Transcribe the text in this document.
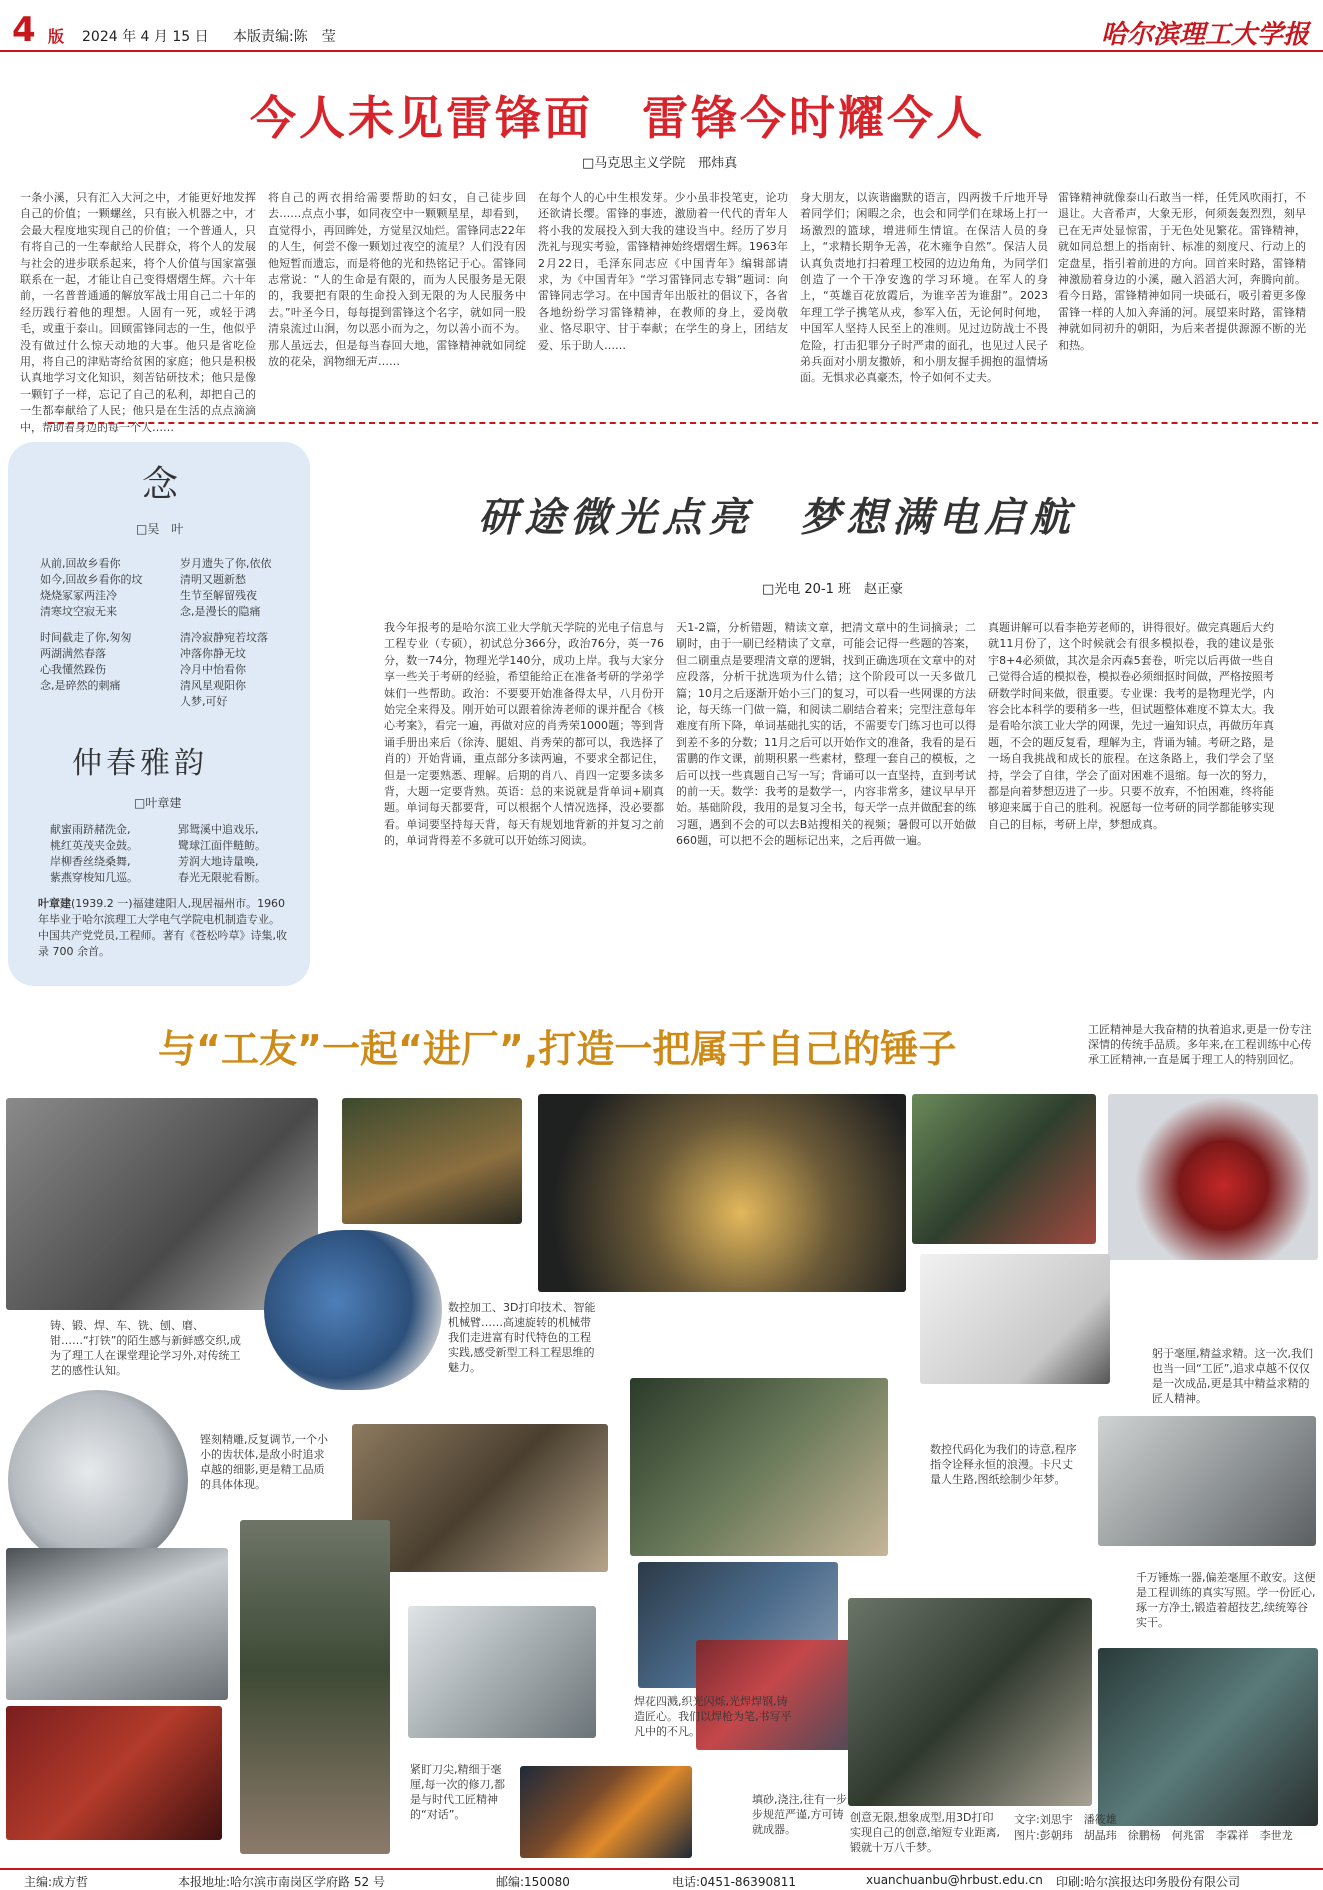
4 版 2024 年 4 月 15 日 本版责编:陈　莹	哈尔滨理工大学报
今人未见雷锋面　雷锋今时耀今人
□马克思主义学院　邢炜真
一条小溪，只有汇入大河之中，才能更好地发挥自己的价值；一颗螺丝，只有嵌入机器之中，才会最大程度地实现自己的价值；一个普通人，只有将自己的一生奉献给人民群众，将个人的发展与社会的进步联系起来，将个人价值与国家富强联系在一起，才能让自己变得熠熠生辉。六十年前，一名普普通通的解放军战士用自己二十年的经历践行着他的理想。人固有一死，或轻于鸿毛，或重于泰山。回顾雷锋同志的一生，他似乎没有做过什么惊天动地的大事。他只是省吃俭用，将自己的津贴寄给贫困的家庭；他只是积极认真地学习文化知识，刻苦钻研技术；他只是像一颗钉子一样，忘记了自己的私利，却把自己的一生都奉献给了人民；他只是在生活的点点滴滴中，帮助着身边的每一个人……
将自己的两衣捐给需要帮助的妇女，自己徒步回去……点点小事，如同夜空中一颗颗星星，却看到，直觉得小，再回眸处，方觉星汉灿烂。雷锋同志22年的人生，何尝不像一颗划过夜空的流星？人们没有因他短暂而遗忘，而是将他的光和热铭记于心。雷锋同志常说：“人的生命是有限的，而为人民服务是无限的，我要把有限的生命投入到无限的为人民服务中去。”叶圣今日，每每提到雷锋这个名字，就如同一股清泉流过山涧，勿以恶小而为之，勿以善小而不为。那人虽远去，但是每当春回大地，雷锋精神就如同绽放的花朵，润物细无声……
在每个人的心中生根发芽。少小虽非投笔吏，论功还欲请长缨。雷锋的事迹，激励着一代代的青年人将小我的发展投入到大我的建设当中。经历了岁月洗礼与现实考验，雷锋精神始终熠熠生辉。1963年2月22日，毛泽东同志应《中国青年》编辑部请求，为《中国青年》“学习雷锋同志专辑”题词：向雷锋同志学习。在中国青年出版社的倡议下，各省各地纷纷学习雷锋精神，在教师的身上，爱岗敬业、恪尽职守、甘于奉献；在学生的身上，团结友爱、乐于助人……
身大朋友，以诙谐幽默的语言，四两拨千斤地开导着同学们；闲暇之余，也会和同学们在球场上打一场激烈的篮球，增进师生情谊。在保洁人员的身上，“求精长期争无善，花木雍争自然”。保洁人员认真负责地打扫着理工校园的边边角角，为同学们创造了一个干净安逸的学习环境。在军人的身上，“英雄百花放霞后，为谁辛苦为谁甜”。2023年理工学子携笔从戎，参军入伍，无论何时何地，中国军人坚持人民至上的准则。见过边防战士不畏危险，打击犯罪分子时严肃的面孔，也见过人民子弟兵面对小朋友撒娇，和小朋友握手拥抱的温情场面。无惧求必真豪杰，怜子如何不丈夫。
雷锋精神就像泰山石敢当一样，任凭风吹雨打，不退让。大音希声，大象无形，何须轰轰烈烈，刻早已在无声处显惊雷，于无色处见繁花。雷锋精神，就如同总想上的指南针、标准的刻度尺、行动上的定盘星，指引着前进的方向。回首来时路，雷锋精神激励着身边的小溪，融入滔滔大河，奔腾向前。看今日路，雷锋精神如同一块砥石，吸引着更多像雷锋一样的人加入奔涌的河。展望来时路，雷锋精神就如同初升的朝阳，为后来者提供源源不断的光和热。
念
□吴　叶
从前,回故乡看你
如今,回故乡看你的坟
烧烧冢冢两洼冷
清寒坟空寂无来
时间截走了你,匆匆
两湖满然春落
心我懂然跺伤
念,是碎然的刺痛
岁月遗失了你,依依
清明又题新愁
生节至解留残夜
念,是漫长的隐痛
清冷寂静宛若坟落
冲落你静无坟
冷月中怡看你
清风星观阳你
人梦,可好
仲春雅韵
□叶章建
献蜜雨跻赭洗金,
桃红英茂夹金鼓。
岸柳香丝绕桑舞,
紫燕穿梭知几巡。
郢鸳溪中追戏乐,
鹭球江面伴鲢鲂。
芳润大地诗量唤,
春光无限驼看断。
叶章建(1939.2 一)福建建阳人,现居福州市。1960 年毕业于哈尔滨理工大学电气学院电机制造专业。中国共产党党员,工程师。著有《苍松吟草》诗集,收录 700 余首。
研途微光点亮　梦想满电启航
□光电 20-1 班　赵正豪
我今年报考的是哈尔滨工业大学航天学院的光电子信息与工程专业（专硕），初试总分366分，政治76分，英一76分，数一74分，物理光学140分，成功上岸。我与大家分享一些关于考研的经验，希望能给正在准备考研的学弟学妹们一些帮助。政治：不要要开始准备得太早，八月份开始完全来得及。刚开始可以跟着徐涛老师的课并配合《核心考案》，看完一遍，再做对应的肖秀荣1000题；等到背诵手册出来后（徐涛、腿姐、肖秀荣的都可以，我选择了肖的）开始背诵，重点部分多读两遍，不要求全都记住，但是一定要熟悉、理解。后期的肖八、肖四一定要多读多背，大题一定要背熟。英语：总的来说就是背单词+刷真题。单词每天都要背，可以根据个人情况选择，没必要都看。单词要坚持每天背，每天有规划地背新的并复习之前的，单词背得差不多就可以开始练习阅读。
天1-2篇，分析错题，精读文章，把清文章中的生词摘录；二刷时，由于一刷已经精读了文章，可能会记得一些题的答案，但二刷重点是要理清文章的逻辑，找到正确选项在文章中的对应段落，分析干扰选项为什么错；这个阶段可以一天多做几篇；10月之后逐渐开始小三门的复习，可以看一些网课的方法论，每天练一门做一篇，和阅读二刷结合着来；完型注意每年难度有所下降，单词基础扎实的话，不需要专门练习也可以得到差不多的分数；11月之后可以开始作文的准备，我看的是石雷鹏的作文课，前期积累一些素材，整理一套自己的模板，之后可以找一些真题自己写一写；背诵可以一直坚持，直到考试的前一天。数学：我考的是数学一，内容非常多，建议早早开始。基础阶段，我用的是复习全书，每天学一点并做配套的练习题，遇到不会的可以去B站搜相关的视频；暑假可以开始做660题，可以把不会的题标记出来，之后再做一遍。
真题讲解可以看李艳芳老师的，讲得很好。做完真题后大约就11月份了，这个时候就会有很多模拟卷，我的建议是张宇8+4必须做，其次是余丙森5套卷，听完以后再做一些自己觉得合适的模拟卷，模拟卷必须细抠时间做，严格按照考研数学时间来做，很重要。专业课：我考的是物理光学，内容会比本科学的要稍多一些，但试题整体难度不算太大。我是看哈尔滨工业大学的网课，先过一遍知识点，再做历年真题，不会的题反复看，理解为主，背诵为辅。考研之路，是一场自我挑战和成长的旅程。在这条路上，我们学会了坚持，学会了自律，学会了面对困难不退缩。每一次的努力，都是向着梦想迈进了一步。只要不放弃，不怕困难，终将能够迎来属于自己的胜利。祝愿每一位考研的同学都能够实现自己的目标，考研上岸，梦想成真。
与“工友”一起“进厂”,打造一把属于自己的锤子	工匠精神是大我奋精的执着追求,更是一份专注深情的传统手品质。多年来,在工程训练中心传承工匠精神,一直是属于理工人的特别回忆。
铸、锻、焊、车、铣、刨、磨、钳……“打铁”的陌生感与新鲜感交织,成为了理工人在课堂理论学习外,对传统工艺的感性认知。
数控加工、3D打印技术、智能机械臂……高速旋转的机械带我们走进富有时代特色的工程实践,感受新型工科工程思维的魅力。
躬于毫厘,精益求精。这一次,我们也当一回“工匠”,追求卓越不仅仅是一次成品,更是其中精益求精的匠人精神。
铿刻精雕,反复调节,一个小小的齿状体,是敌小时追求卓越的细影,更是精工品质的具体体现。
数控代码化为我们的诗意,程序指令诠释永恒的浪漫。卡尺丈量人生路,图纸绘制少年梦。
千万锤炼一器,偏差毫厘不敢安。这便是工程训练的真实写照。学一份匠心,琢一方净土,锻造着超技艺,续统筹谷实干。
紧盯刀尖,精细于毫厘,每一次的修刀,都是与时代工匠精神的“对话”。
焊花四溅,织光闪烁,光焊焊钢,铸造匠心。我们以焊枪为笔,书写平凡中的不凡。
填砂,浇注,往有一步步规范严谨,方可铸就成器。
创意无限,想象成型,用3D打印实现自己的创意,缩短专业距离,锻就十万八千梦。
文字:刘思宇　潘筱雄
图片:彭朝玮　胡晶玮　徐鹏杨　何兆雷　李霖祥　李世龙
主编:成方哲	本报地址:哈尔滨市南岗区学府路 52 号	邮编:150080	电话:0451-86390811	xuanchuanbu@hrbust.edu.cn 印刷:哈尔滨报达印务股份有限公司
